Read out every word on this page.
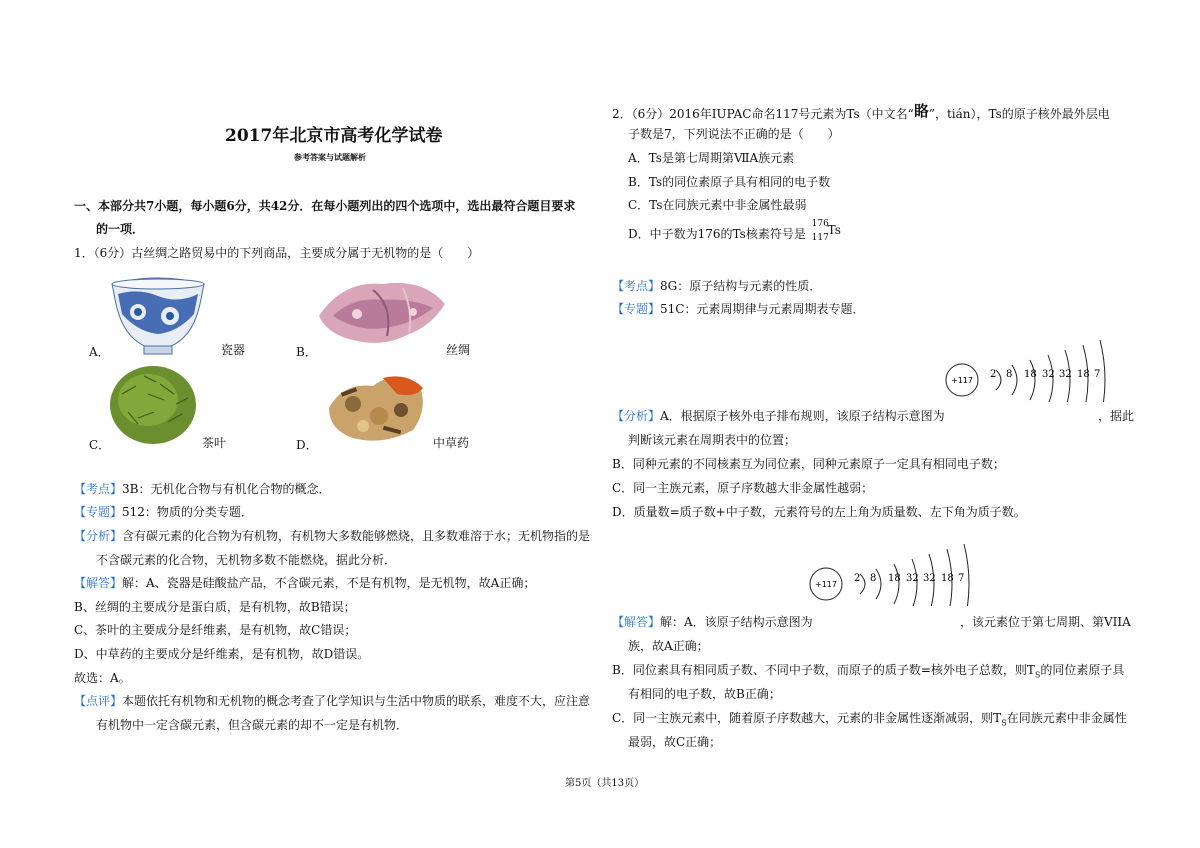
2017年北京市高考化学试卷
参考答案与试题解析
一、本部分共7小题，每小题6分，共42分．在每小题列出的四个选项中，选出最符合题目要求
的一项．
1．（6分）古丝绸之路贸易中的下列商品，主要成分属于无机物的是（　　）
A．	瓷器	B．	丝绸
C．	茶叶	D．	中草药
【考点】3B：无机化合物与有机化合物的概念．
【专题】512：物质的分类专题．
【分析】含有碳元素的化合物为有机物，有机物大多数能够燃烧，且多数难溶于水；无机物指的是
不含碳元素的化合物，无机物多数不能燃烧，据此分析．
【解答】解：A、瓷器是硅酸盐产品，不含碳元素，不是有机物，是无机物，故A正确；
B、丝绸的主要成分是蛋白质，是有机物，故B错误；
C、茶叶的主要成分是纤维素，是有机物，故C错误；
D、中草药的主要成分是纤维素，是有机物，故D错误。
故选：A。
【点评】本题依托有机物和无机物的概念考查了化学知识与生活中物质的联系，难度不大，应注意
有机物中一定含碳元素，但含碳元素的却不一定是有机物．
2．（6分）2016年IUPAC命名117号元素为Ts（中文名“䀩”，tián），Ts的原子核外最外层电
子数是7，下列说法不正确的是（　　）
A．Ts是第七周期第ⅦA族元素
B．Ts的同位素原子具有相同的电子数
C．Ts在同族元素中非金属性最弱
D．中子数为176的Ts核素符号是
176
117
Ts
【考点】8G：原子结构与元素的性质．
【专题】51C：元素周期律与元素周期表专题．
+117
2 8 18 32 32 18 7
【分析】A．根据原子核外电子排布规则，该原子结构示意图为	，据此
判断该元素在周期表中的位置；
B．同种元素的不同核素互为同位素，同种元素原子一定具有相同电子数；
C．同一主族元素，原子序数越大非金属性越弱；
D．质量数=质子数+中子数，元素符号的左上角为质量数、左下角为质子数。
+117
2 8 18 32 32 18 7
【解答】解：A．该原子结构示意图为	，该元素位于第七周期、第VIIA
族，故A正确；
B．同位素具有相同质子数、不同中子数，而原子的质子数=核外电子总数，则$T_S$的同位素原子具
有相同的电子数，故B正确；
C．同一主族元素中，随着原子序数越大，元素的非金属性逐渐减弱，则$T_S$在同族元素中非金属性
最弱，故C正确；
第5页（共13页）
